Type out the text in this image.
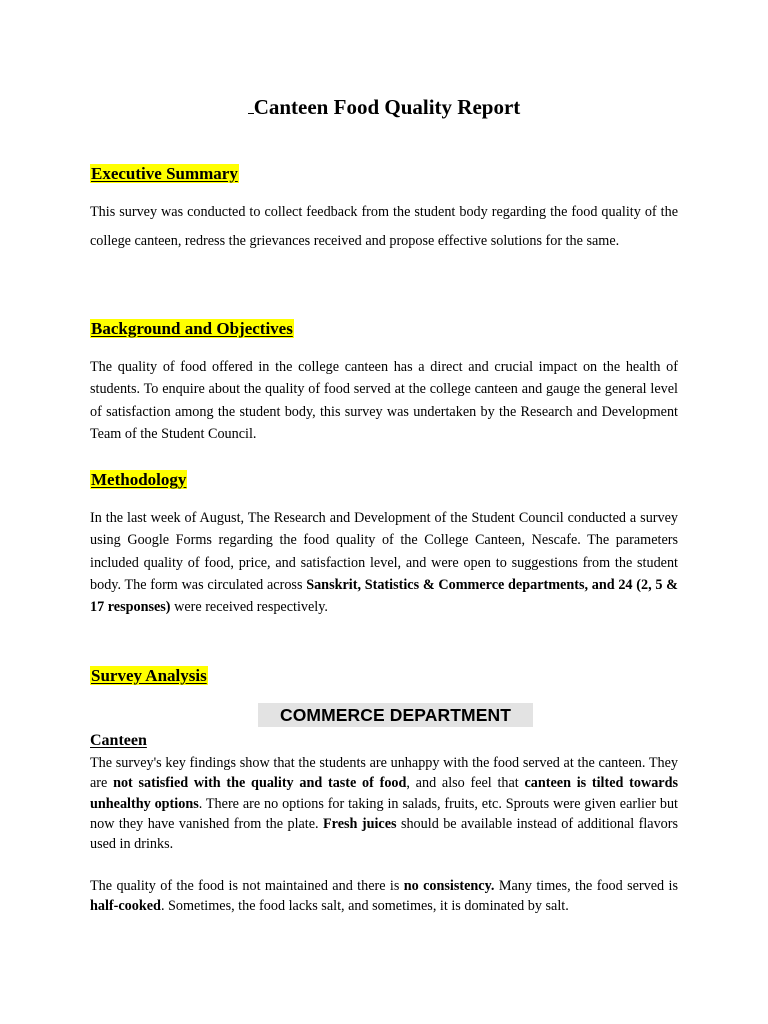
Canteen Food Quality Report
Executive Summary

This survey was conducted to collect feedback from the student body regarding the food quality of the college canteen, redress the grievances received and propose effective solutions for the same.

Background and Objectives

The quality of food offered in the college canteen has a direct and crucial impact on the health of students. To enquire about the quality of food served at the college canteen and gauge the general level of satisfaction among the student body, this survey was undertaken by the Research and Development Team of the Student Council.

Methodology

In the last week of August, The Research and Development of the Student Council conducted a survey using Google Forms regarding the food quality of the College Canteen, Nescafe. The parameters included quality of food, price, and satisfaction level, and were open to suggestions from the student body. The form was circulated across Sanskrit, Statistics & Commerce departments, and 24 (2, 5 & 17 responses) were received respectively.

Survey Analysis
COMMERCE DEPARTMENT
Canteen

The survey's key findings show that the students are unhappy with the food served at the canteen. They are not satisfied with the quality and taste of food, and also feel that canteen is tilted towards unhealthy options. There are no options for taking in salads, fruits, etc. Sprouts were given earlier but now they have vanished from the plate. Fresh juices should be available instead of additional flavors used in drinks.

The quality of the food is not maintained and there is no consistency. Many times, the food served is half-cooked. Sometimes, the food lacks salt, and sometimes, it is dominated by salt.
